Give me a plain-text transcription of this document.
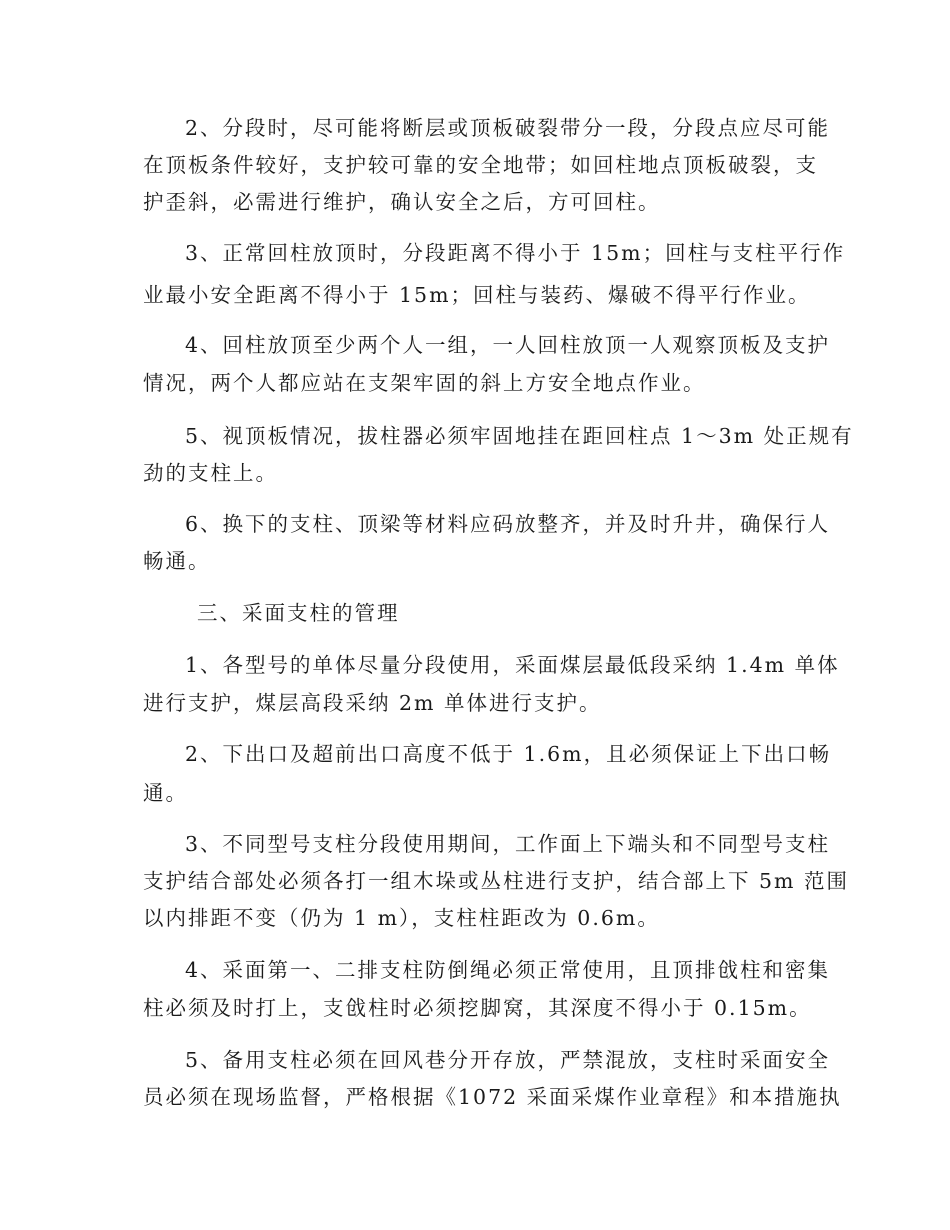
2、分段时，尽可能将断层或顶板破裂带分一段，分段点应尽可能
在顶板条件较好，支护较可靠的安全地带；如回柱地点顶板破裂，支
护歪斜，必需进行维护，确认安全之后，方可回柱。
3、正常回柱放顶时，分段距离不得小于 15m；回柱与支柱平行作
业最小安全距离不得小于 15m；回柱与装药、爆破不得平行作业。
4、回柱放顶至少两个人一组，一人回柱放顶一人观察顶板及支护
情况，两个人都应站在支架牢固的斜上方安全地点作业。
5、视顶板情况，拔柱器必须牢固地挂在距回柱点 1～3m 处正规有
劲的支柱上。
6、换下的支柱、顶梁等材料应码放整齐，并及时升井，确保行人
畅通。
三、采面支柱的管理
1、各型号的单体尽量分段使用，采面煤层最低段采纳 1.4m 单体
进行支护，煤层高段采纳 2m 单体进行支护。
2、下出口及超前出口高度不低于 1.6m，且必须保证上下出口畅
通。
3、不同型号支柱分段使用期间，工作面上下端头和不同型号支柱
支护结合部处必须各打一组木垛或丛柱进行支护，结合部上下 5m 范围
以内排距不变（仍为 1 m），支柱柱距改为 0.6m。
4、采面第一、二排支柱防倒绳必须正常使用，且顶排戗柱和密集
柱必须及时打上，支戗柱时必须挖脚窝，其深度不得小于 0.15m。
5、备用支柱必须在回风巷分开存放，严禁混放，支柱时采面安全
员必须在现场监督，严格根据《1072 采面采煤作业章程》和本措施执
